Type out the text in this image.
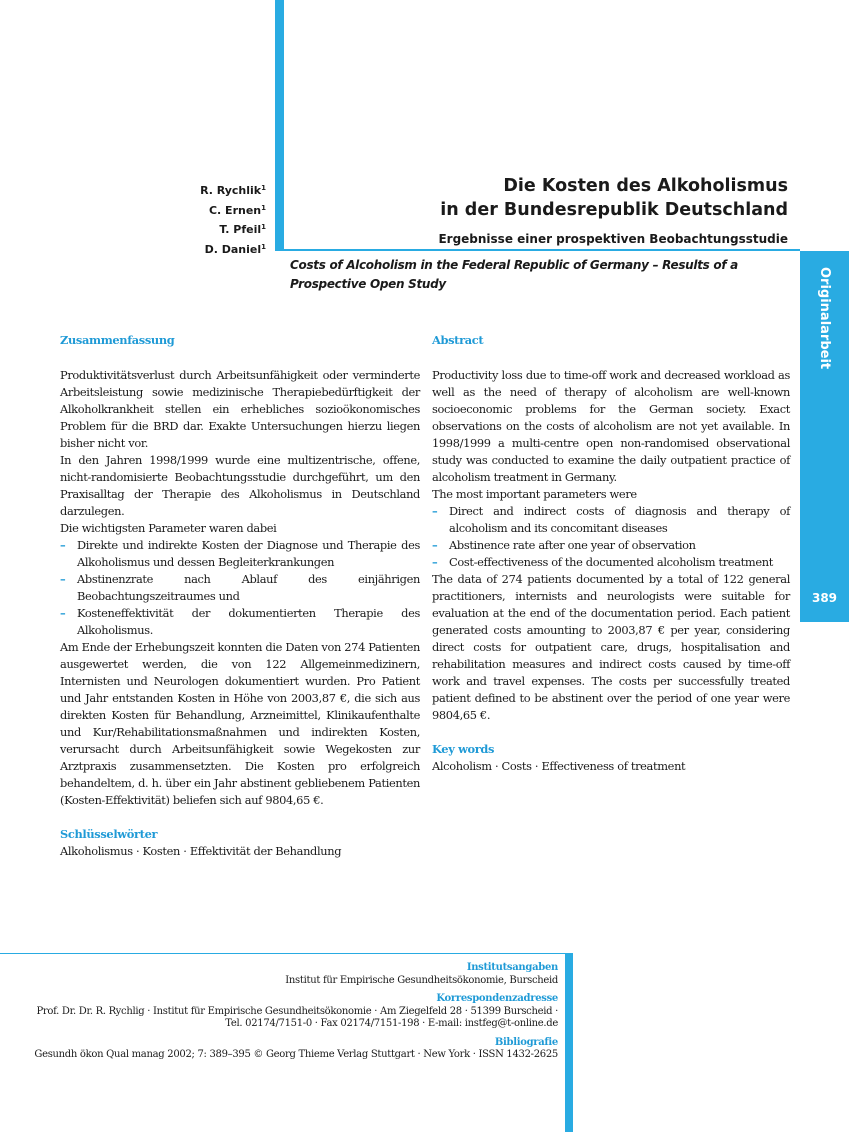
Originalarbeit
389
R. Rychlik$^1$
C. Ernen$^1$
T. Pfeil$^1$
D. Daniel$^1$
Die Kosten des Alkoholismus
in der Bundesrepublik Deutschland
Ergebnisse einer prospektiven Beobachtungsstudie
Costs of Alcoholism in the Federal Republic of Germany – Results of a Prospective Open Study

Zusammenfassung

Produktivitätsverlust durch Arbeitsunfähigkeit oder verminderte Arbeitsleistung sowie medizinische Therapiebedürftigkeit der Alkoholkrankheit stellen ein erhebliches sozioökonomisches Problem für die BRD dar. Exakte Untersuchungen hierzu liegen bisher nicht vor.

In den Jahren 1998/1999 wurde eine multizentrische, offene, nicht-randomisierte Beobachtungsstudie durchgeführt, um den Praxisalltag der Therapie des Alkoholismus in Deutschland darzulegen.

Die wichtigsten Parameter waren dabei

– Direkte und indirekte Kosten der Diagnose und Therapie des Alkoholismus und dessen Begleiterkrankungen
– Abstinenzrate nach Ablauf des einjährigen Beobachtungszeitraumes und
– Kosteneffektivität der dokumentierten Therapie des Alkoholismus.

Am Ende der Erhebungszeit konnten die Daten von 274 Patienten ausgewertet werden, die von 122 Allgemeinmedizinern, Internisten und Neurologen dokumentiert wurden. Pro Patient und Jahr entstanden Kosten in Höhe von 2003,87 €, die sich aus direkten Kosten für Behandlung, Arzneimittel, Klinikaufenthalte und Kur/Rehabilitationsmaßnahmen und indirekten Kosten, verursacht durch Arbeitsunfähigkeit sowie Wegekosten zur Arztpraxis zusammensetzten. Die Kosten pro erfolgreich behandeltem, d. h. über ein Jahr abstinent gebliebenem Patienten (Kosten-Effektivität) beliefen sich auf 9804,65 €.

Schlüsselwörter

Alkoholismus · Kosten · Effektivität der Behandlung

Abstract

Productivity loss due to time-off work and decreased workload as well as the need of therapy of alcoholism are well-known socioeconomic problems for the German society. Exact observations on the costs of alcoholism are not yet available. In 1998/1999 a multi-centre open non-randomised observational study was conducted to examine the daily outpatient practice of alcoholism treatment in Germany.

The most important parameters were

– Direct and indirect costs of diagnosis and therapy of alcoholism and its concomitant diseases
– Abstinence rate after one year of observation
– Cost-effectiveness of the documented alcoholism treatment

The data of 274 patients documented by a total of 122 general practitioners, internists and neurologists were suitable for evaluation at the end of the documentation period. Each patient generated costs amounting to 2003,87 € per year, considering direct costs for outpatient care, drugs, hospitalisation and rehabilitation measures and indirect costs caused by time-off work and travel expenses. The costs per successfully treated patient defined to be abstinent over the period of one year were 9804,65 €.

Key words

Alcoholism · Costs · Effectiveness of treatment

Institutsangaben
Institut für Empirische Gesundheitsökonomie, Burscheid
Korrespondenzadresse
Prof. Dr. Dr. R. Rychlig · Institut für Empirische Gesundheitsökonomie · Am Ziegelfeld 28 · 51399 Burscheid ·
Tel. 02174/7151-0 · Fax 02174/7151-198 · E-mail: instfeg@t-online.de
Bibliografie
Gesundh ökon Qual manag 2002; 7: 389–395 © Georg Thieme Verlag Stuttgart · New York · ISSN 1432-2625
